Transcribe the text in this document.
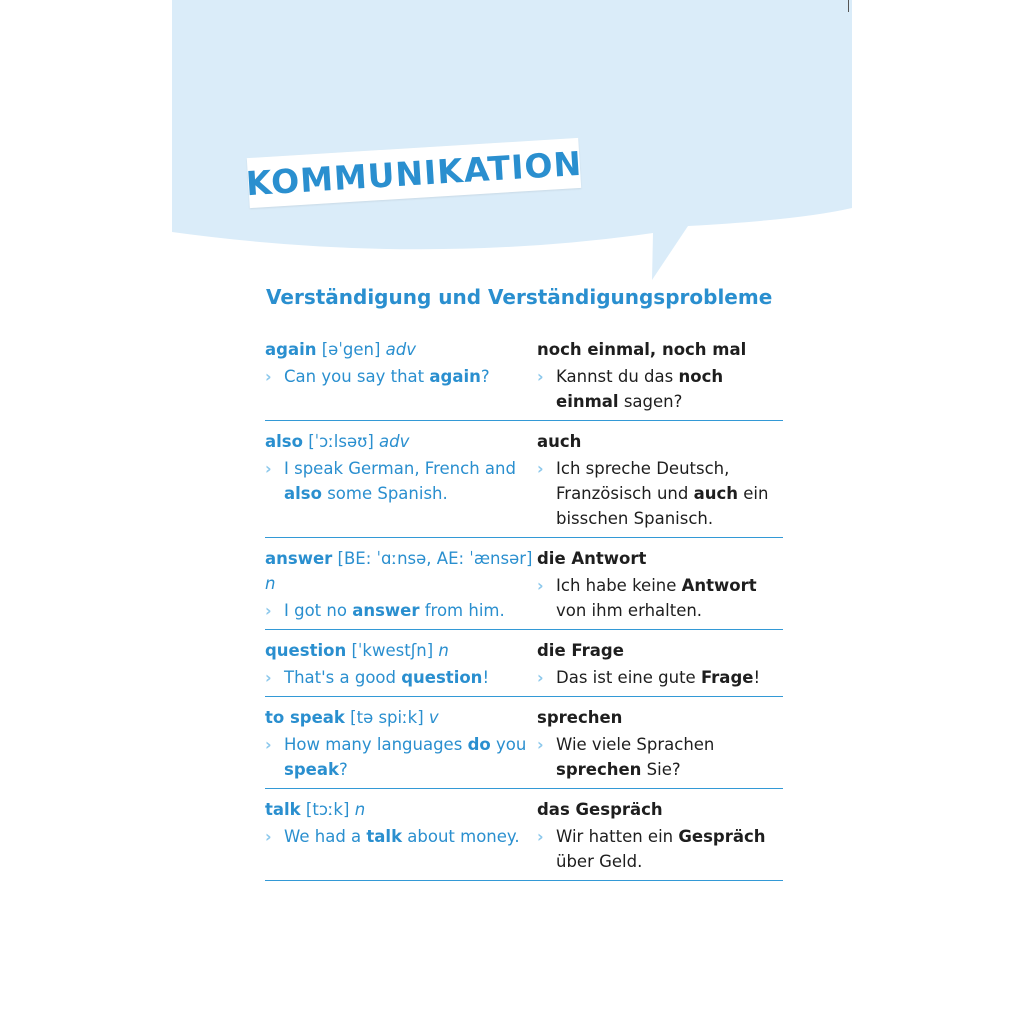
KOMMUNIKATION
Verständigung und Verständigungsprobleme
again [əˈgen] adv
› Can you say that again?
noch einmal, noch mal
› Kannst du das noch einmal sagen?
also [ˈɔːlsəʊ] adv
› I speak German, French and also some Spanish.
auch
› Ich spreche Deutsch, Französisch und auch ein bisschen Spanisch.
answer [BE: ˈɑːnsə, AE: ˈænsər] n
› I got no answer from him.
die Antwort
› Ich habe keine Antwort von ihm erhalten.
question [ˈkwestʃn] n
› That's a good question!
die Frage
› Das ist eine gute Frage!
to speak [tə spiːk] v
› How many languages do you speak?
sprechen
› Wie viele Sprachen sprechen Sie?
talk [tɔːk] n
› We had a talk about money.
das Gespräch
› Wir hatten ein Gespräch über Geld.
